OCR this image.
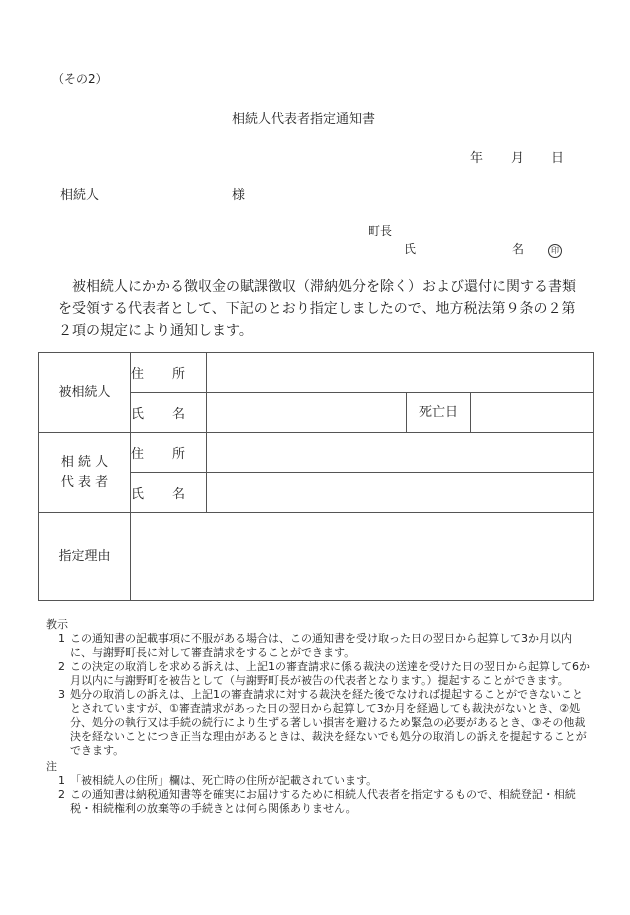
（その2）
相続人代表者指定通知書
年 月 日
相続人	様
町長
氏	名	印
被相続人にかかる徴収金の賦課徴収（滞納処分を除く）および還付に関する書類を受領する代表者として、下記のとおり指定しましたので、地方税法第９条の２第２項の規定により通知します。
被相続人	住　所			
	氏　名		死亡日	

相 続 人
代 表 者	住　所			
	氏　名			
指定理由				
教示
1 この通知書の記載事項に不服がある場合は、この通知書を受け取った日の翌日から起算して3か月以内に、与謝野町長に対して審査請求をすることができます。
2 この決定の取消しを求める訴えは、上記1の審査請求に係る裁決の送達を受けた日の翌日から起算して6か月以内に与謝野町を被告として（与謝野町長が被告の代表者となります。）提起することができます。
3 処分の取消しの訴えは、上記1の審査請求に対する裁決を経た後でなければ提起することができないこととされていますが、①審査請求があった日の翌日から起算して3か月を経過しても裁決がないとき、②処分、処分の執行又は手続の続行により生ずる著しい損害を避けるため緊急の必要があるとき、③その他裁決を経ないことにつき正当な理由があるときは、裁決を経ないでも処分の取消しの訴えを提起することができます。
注
1 「被相続人の住所」欄は、死亡時の住所が記載されています。
2 この通知書は納税通知書等を確実にお届けするために相続人代表者を指定するもので、相続登記・相続税・相続権利の放棄等の手続きとは何ら関係ありません。
